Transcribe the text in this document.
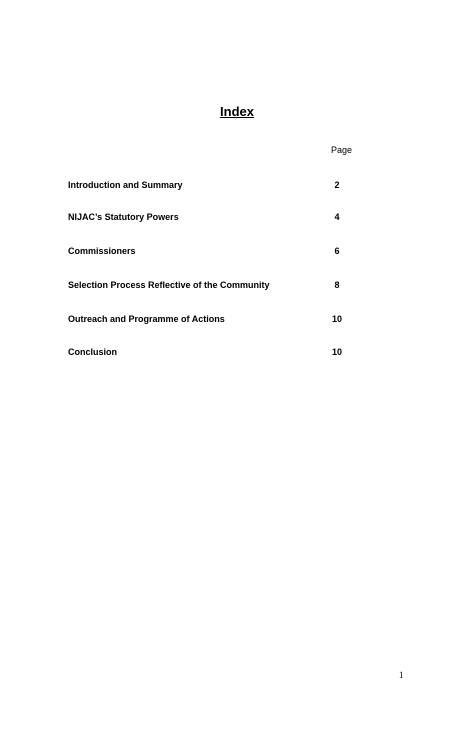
Index

Page

Introduction and Summary	2
NIJAC’s Statutory Powers	4
Commissioners	6
Selection Process Reflective of the Community	8
Outreach and Programme of Actions	10
Conclusion	10

1
